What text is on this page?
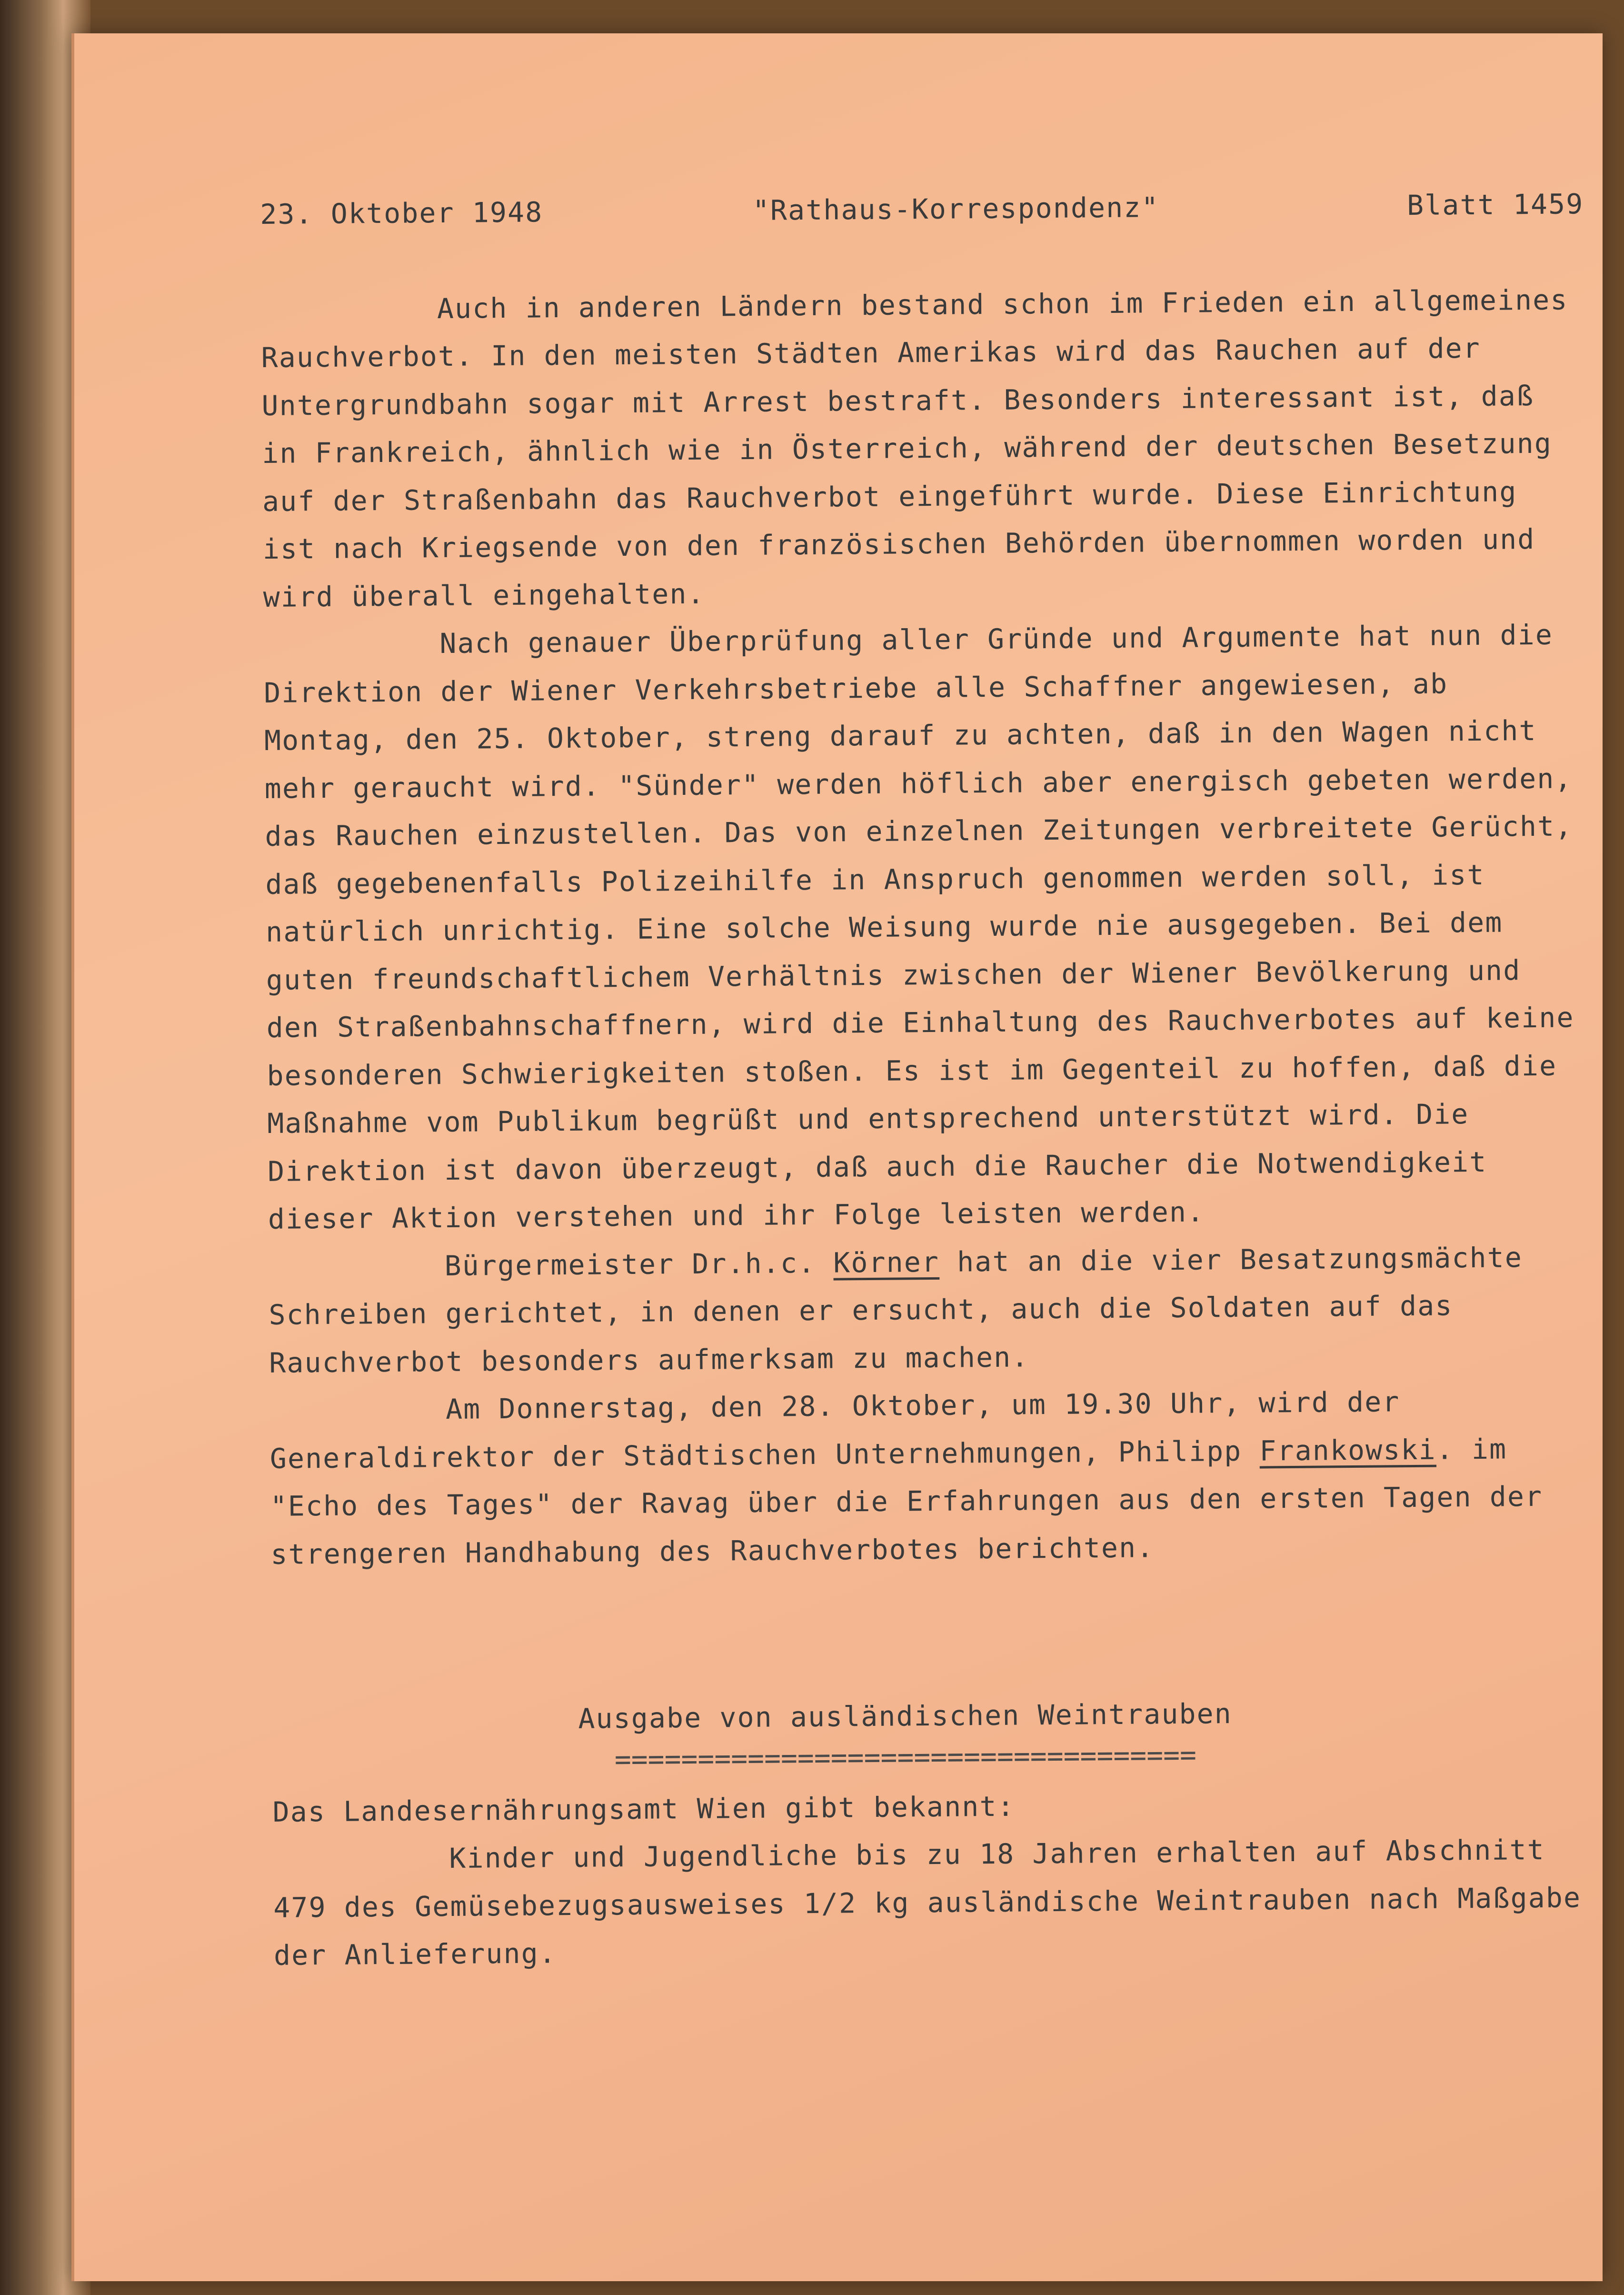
23. Oktober 1948	"Rathaus-Korrespondenz"	Blatt 1459

Auch in anderen Ländern bestand schon im Frieden ein allgemeines Rauchverbot. In den meisten Städten Amerikas wird das Rauchen auf der Untergrundbahn sogar mit Arrest bestraft. Besonders interessant ist, daß in Frankreich, ähnlich wie in Österreich, während der deutschen Besetzung auf der Straßenbahn das Rauchverbot eingeführt wurde. Diese Einrichtung ist nach Kriegsende von den französischen Behörden übernommen worden und wird überall eingehalten.

Nach genauer Überprüfung aller Gründe und Argumente hat nun die Direktion der Wiener Verkehrsbetriebe alle Schaffner angewiesen, ab Montag, den 25. Oktober, streng darauf zu achten, daß in den Wagen nicht mehr geraucht wird. "Sünder" werden höflich aber energisch gebeten werden, das Rauchen einzustellen. Das von einzelnen Zeitungen verbreitete Gerücht, daß gegebenenfalls Polizeihilfe in Anspruch genommen werden soll, ist natürlich unrichtig. Eine solche Weisung wurde nie ausgegeben. Bei dem guten freundschaftlichem Verhältnis zwischen der Wiener Bevölkerung und den Straßenbahnschaffnern, wird die Einhaltung des Rauchverbotes auf keine besonderen Schwierigkeiten stoßen. Es ist im Gegenteil zu hoffen, daß die Maßnahme vom Publikum begrüßt und entsprechend unterstützt wird. Die Direktion ist davon überzeugt, daß auch die Raucher die Notwendigkeit dieser Aktion verstehen und ihr Folge leisten werden.

Bürgermeister Dr.h.c. Körner hat an die vier Besatzungsmächte Schreiben gerichtet, in denen er ersucht, auch die Soldaten auf das Rauchverbot besonders aufmerksam zu machen.

Am Donnerstag, den 28. Oktober, um 19.30 Uhr, wird der Generaldirektor der Städtischen Unternehmungen, Philipp Frankowski. im "Echo des Tages" der Ravag über die Erfahrungen aus den ersten Tagen der strengeren Handhabung des Rauchverbotes berichten.

Ausgabe von ausländischen Weintrauben
===================================

Das Landesernährungsamt Wien gibt bekannt:

Kinder und Jugendliche bis zu 18 Jahren erhalten auf Abschnitt 479 des Gemüsebezugsausweises 1/2 kg ausländische Weintrauben nach Maßgabe der Anlieferung.
